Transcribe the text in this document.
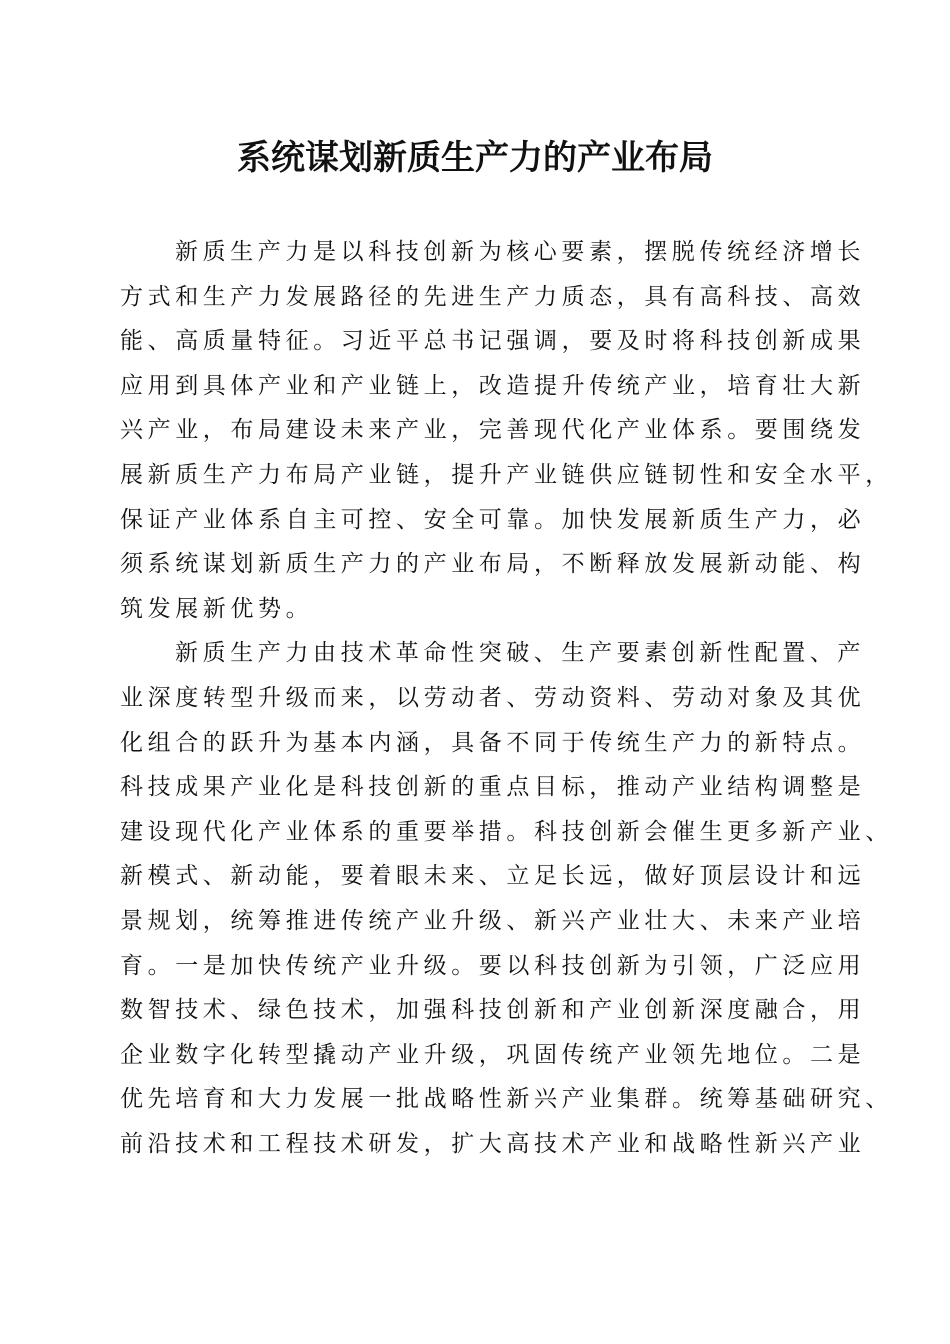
系统谋划新质生产力的产业布局

新质生产力是以科技创新为核心要素，摆脱传统经济增长
方式和生产力发展路径的先进生产力质态，具有高科技、高效
能、高质量特征。习近平总书记强调，要及时将科技创新成果
应用到具体产业和产业链上，改造提升传统产业，培育壮大新
兴产业，布局建设未来产业，完善现代化产业体系。要围绕发
展新质生产力布局产业链，提升产业链供应链韧性和安全水平，
保证产业体系自主可控、安全可靠。加快发展新质生产力，必
须系统谋划新质生产力的产业布局，不断释放发展新动能、构
筑发展新优势。

新质生产力由技术革命性突破、生产要素创新性配置、产
业深度转型升级而来，以劳动者、劳动资料、劳动对象及其优
化组合的跃升为基本内涵，具备不同于传统生产力的新特点。
科技成果产业化是科技创新的重点目标，推动产业结构调整是
建设现代化产业体系的重要举措。科技创新会催生更多新产业、
新模式、新动能，要着眼未来、立足长远，做好顶层设计和远
景规划，统筹推进传统产业升级、新兴产业壮大、未来产业培
育。一是加快传统产业升级。要以科技创新为引领，广泛应用
数智技术、绿色技术，加强科技创新和产业创新深度融合，用
企业数字化转型撬动产业升级，巩固传统产业领先地位。二是
优先培育和大力发展一批战略性新兴产业集群。统筹基础研究、
前沿技术和工程技术研发，扩大高技术产业和战略性新兴产业
